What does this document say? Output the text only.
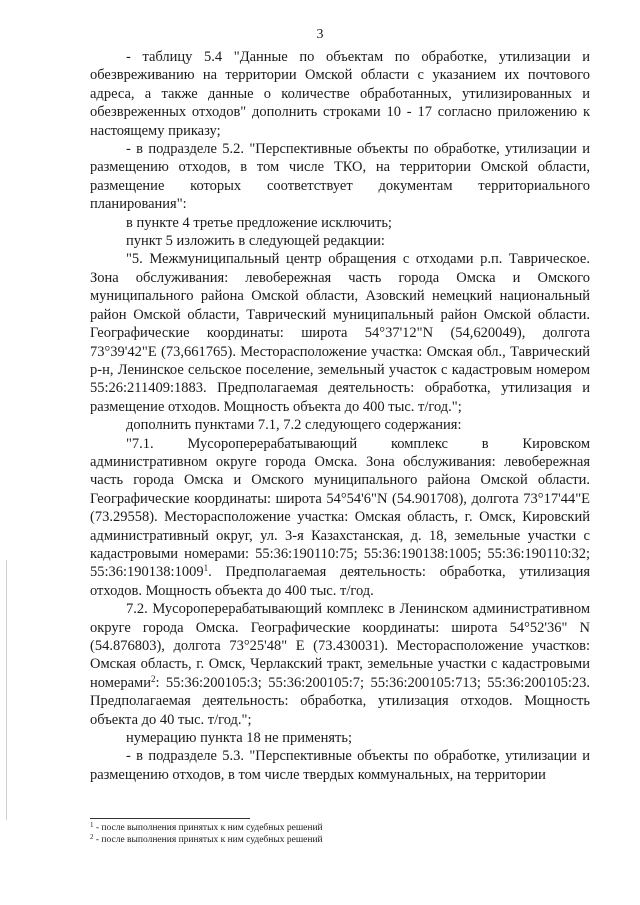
3

- таблицу 5.4 "Данные по объектам по обработке, утилизации и обезвреживанию на территории Омской области с указанием их почтового адреса, а также данные о количестве обработанных, утилизированных и обезвреженных отходов" дополнить строками 10 - 17 согласно приложению к настоящему приказу;

- в подразделе 5.2. "Перспективные объекты по обработке, утилизации и размещению отходов, в том числе ТКО, на территории Омской области, размещение которых соответствует документам территориального планирования":

в пункте 4 третье предложение исключить;

пункт 5 изложить в следующей редакции:

"5. Межмуниципальный центр обращения с отходами р.п. Таврическое. Зона обслуживания: левобережная часть города Омска и Омского муниципального района Омской области, Азовский немецкий национальный район Омской области, Таврический муниципальный район Омской области. Географические координаты: широта 54°37'12"N (54,620049), долгота 73°39'42"E (73,661765). Месторасположение участка: Омская обл., Таврический р-н, Ленинское сельское поселение, земельный участок с кадастровым номером 55:26:211409:1883. Предполагаемая деятельность: обработка, утилизация и размещение отходов. Мощность объекта до 400 тыс. т/год.";

дополнить пунктами 7.1, 7.2 следующего содержания:

"7.1. Мусороперерабатывающий комплекс в Кировском административном округе города Омска. Зона обслуживания: левобережная часть города Омска и Омского муниципального района Омской области. Географические координаты: широта 54°54'6"N (54.901708), долгота 73°17'44"E (73.29558). Месторасположение участка: Омская область, г. Омск, Кировский административный округ, ул. 3-я Казахстанская, д. 18, земельные участки с кадастровыми номерами: 55:36:190110:75; 55:36:190138:1005; 55:36:190110:32; 55:36:190138:1009$^1$. Предполагаемая деятельность: обработка, утилизация отходов. Мощность объекта до 400 тыс. т/год.

7.2. Мусороперерабатывающий комплекс в Ленинском административном округе города Омска. Географические координаты: широта 54°52'36" N (54.876803), долгота 73°25'48" E (73.430031). Месторасположение участков: Омская область, г. Омск, Черлакский тракт, земельные участки с кадастровыми номерами$^2$: 55:36:200105:3; 55:36:200105:7; 55:36:200105:713; 55:36:200105:23. Предполагаемая деятельность: обработка, утилизация отходов. Мощность объекта до 40 тыс. т/год.";

нумерацию пункта 18 не применять;

- в подразделе 5.3. "Перспективные объекты по обработке, утилизации и размещению отходов, в том числе твердых коммунальных, на территории

$^1$ - после выполнения принятых к ним судебных решений

$^2$ - после выполнения принятых к ним судебных решений
